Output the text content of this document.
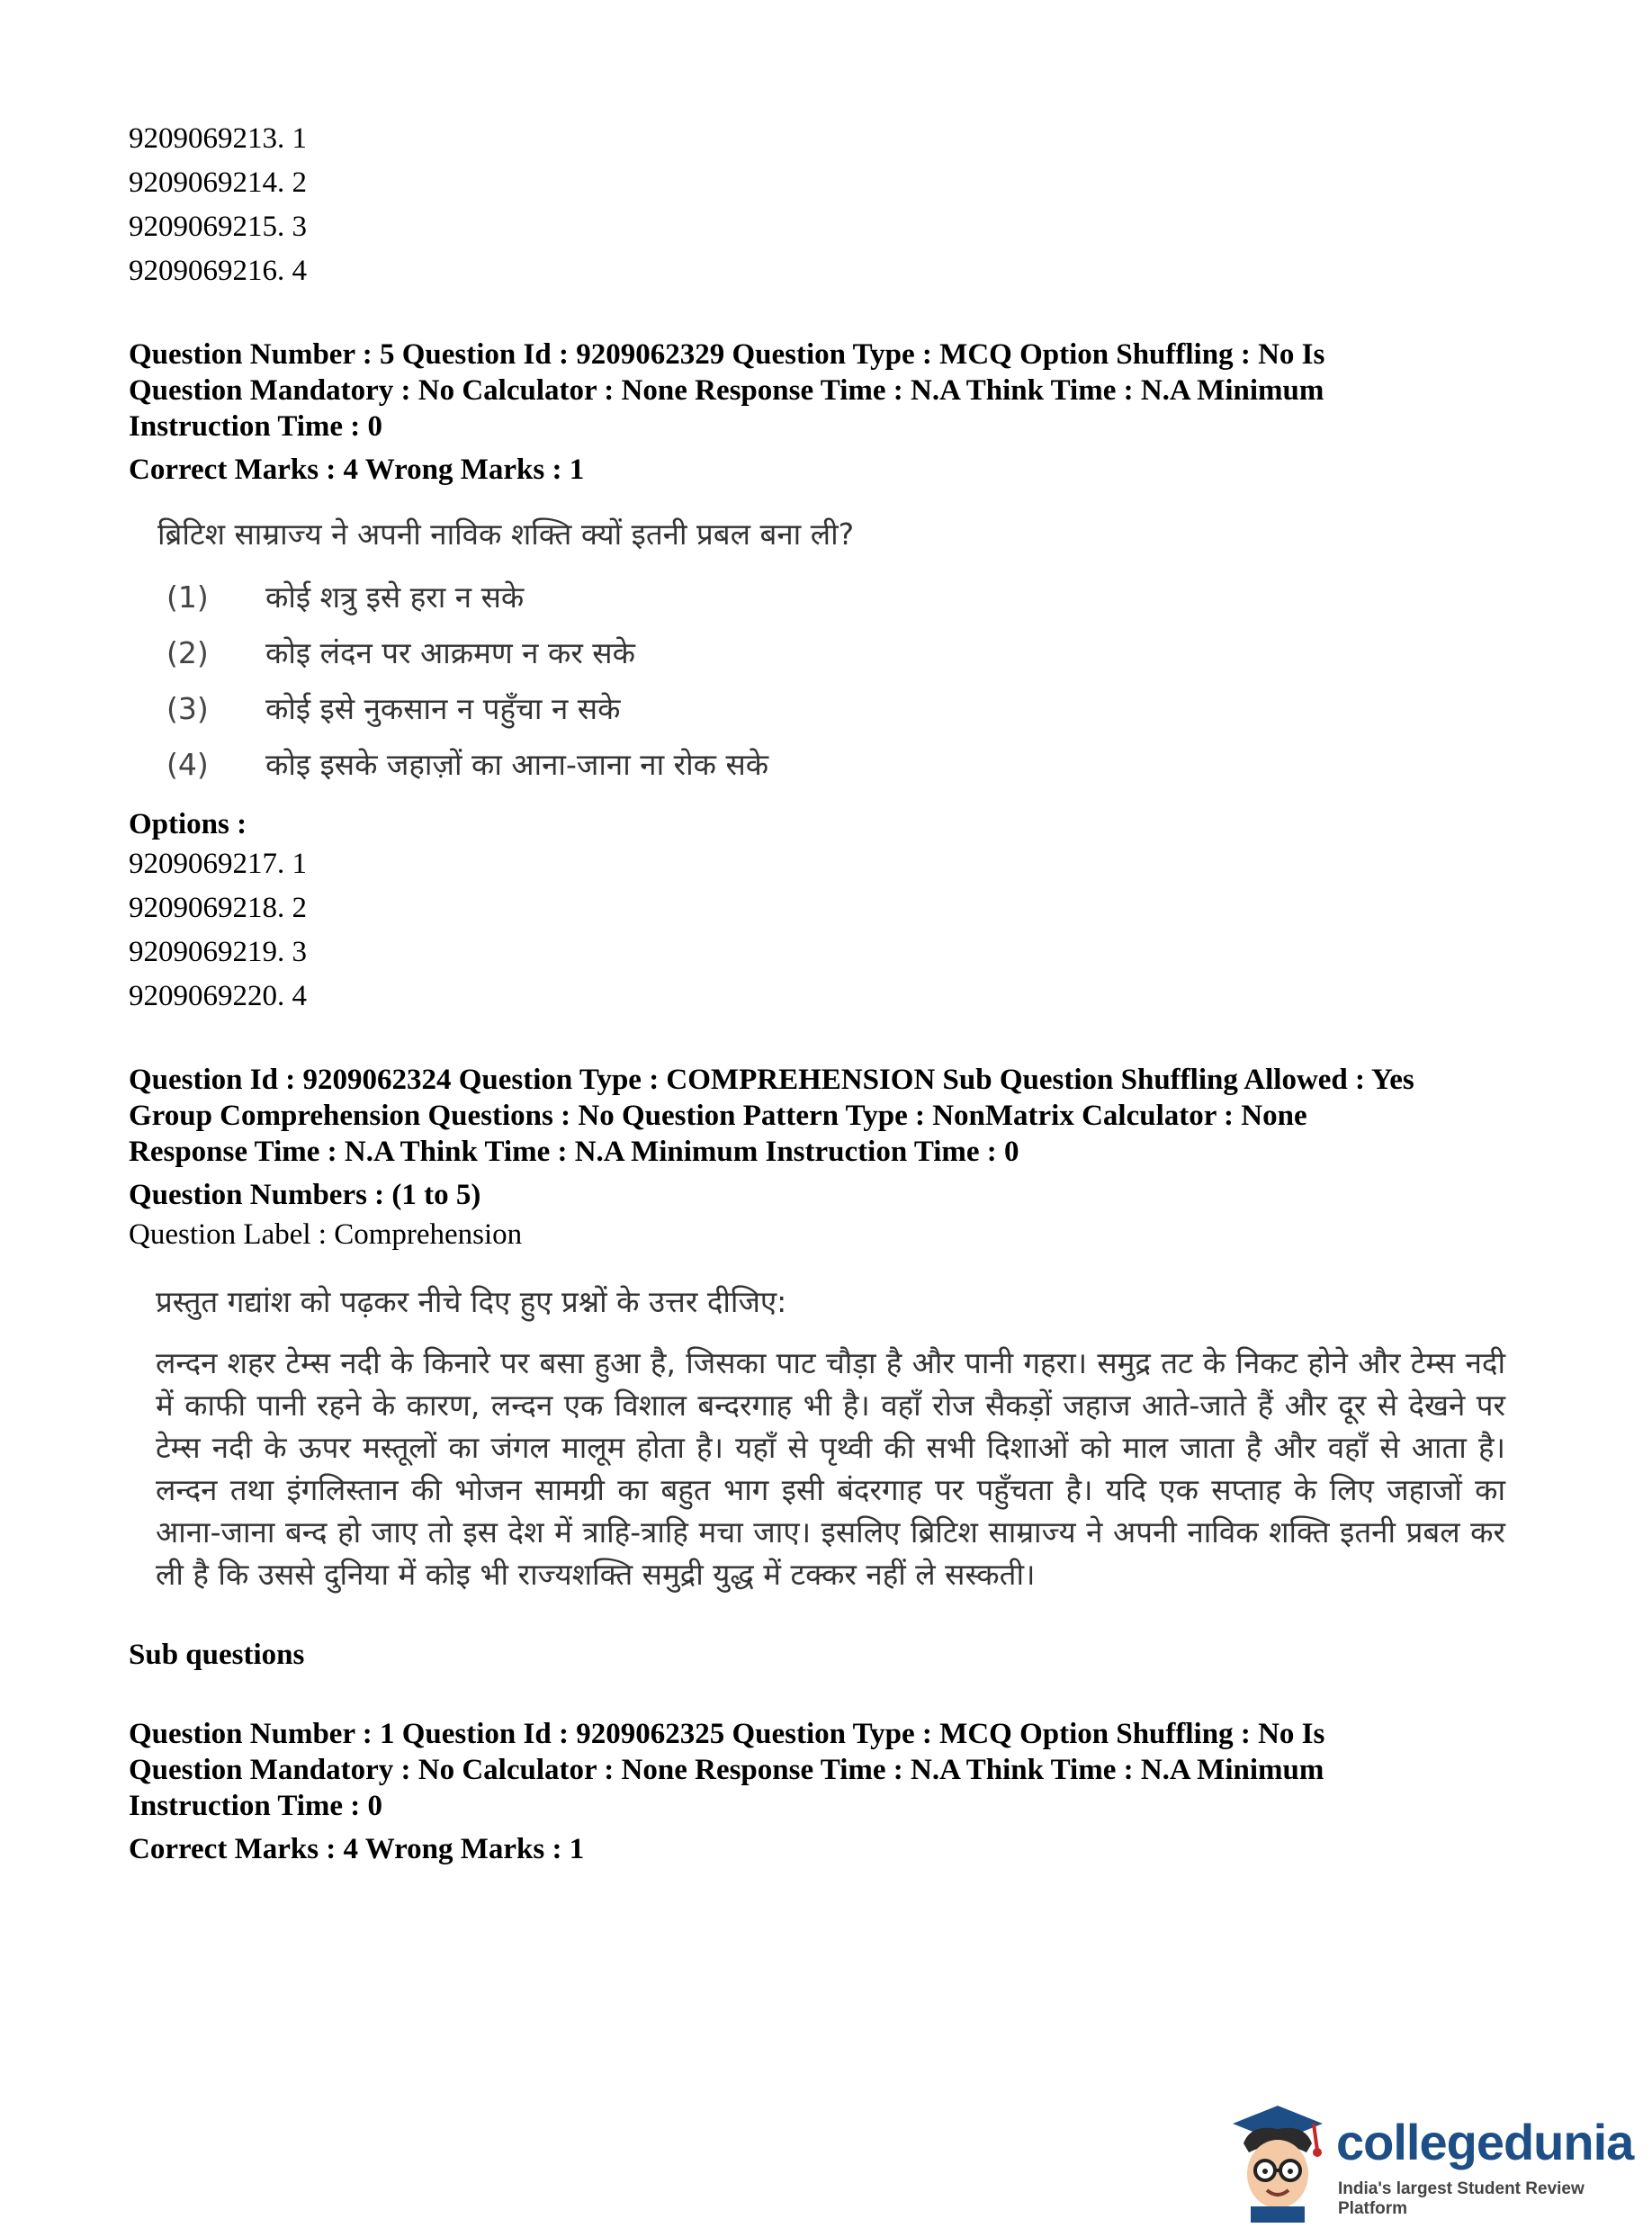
9209069213. 1

9209069214. 2

9209069215. 3

9209069216. 4

Question Number : 5 Question Id : 9209062329 Question Type : MCQ Option Shuffling : No Is

Question Mandatory : No Calculator : None Response Time : N.A Think Time : N.A Minimum

Instruction Time : 0

Correct Marks : 4 Wrong Marks : 1

ब्रिटिश साम्राज्य ने अपनी नाविक शक्ति क्यों इतनी प्रबल बना ली?
(1)	कोई शत्रु इसे हरा न सके
(2)	कोइ लंदन पर आक्रमण न कर सके
(3)	कोई इसे नुकसान न पहुँचा न सके
(4)	कोइ इसके जहाज़ों का आना-जाना ना रोक सके

Options :

9209069217. 1

9209069218. 2

9209069219. 3

9209069220. 4

Question Id : 9209062324 Question Type : COMPREHENSION Sub Question Shuffling Allowed : Yes

Group Comprehension Questions : No Question Pattern Type : NonMatrix Calculator : None

Response Time : N.A Think Time : N.A Minimum Instruction Time : 0

Question Numbers : (1 to 5)

Question Label : Comprehension

प्रस्तुत गद्यांश को पढ़कर नीचे दिए हुए प्रश्नों के उत्तर दीजिए:

लन्दन शहर टेम्स नदी के किनारे पर बसा हुआ है, जिसका पाट चौड़ा है और पानी गहरा। समुद्र तट के निकट होने और टेम्स नदी में काफी पानी रहने के कारण, लन्दन एक विशाल बन्दरगाह भी है। वहाँ रोज सैकड़ों जहाज आते-जाते हैं और दूर से देखने पर टेम्स नदी के ऊपर मस्तूलों का जंगल मालूम होता है। यहाँ से पृथ्वी की सभी दिशाओं को माल जाता है और वहाँ से आता है। लन्दन तथा इंगलिस्तान की भोजन सामग्री का बहुत भाग इसी बंदरगाह पर पहुँचता है। यदि एक सप्ताह के लिए जहाजों का आना-जाना बन्द हो जाए तो इस देश में त्राहि-त्राहि मचा जाए। इसलिए ब्रिटिश साम्राज्य ने अपनी नाविक शक्ति इतनी प्रबल कर ली है कि उससे दुनिया में कोइ भी राज्यशक्ति समुद्री युद्ध में टक्कर नहीं ले सस्कती।

Sub questions

Question Number : 1 Question Id : 9209062325 Question Type : MCQ Option Shuffling : No Is

Question Mandatory : No Calculator : None Response Time : N.A Think Time : N.A Minimum

Instruction Time : 0

Correct Marks : 4 Wrong Marks : 1

collegedunia
India's largest Student Review Platform
